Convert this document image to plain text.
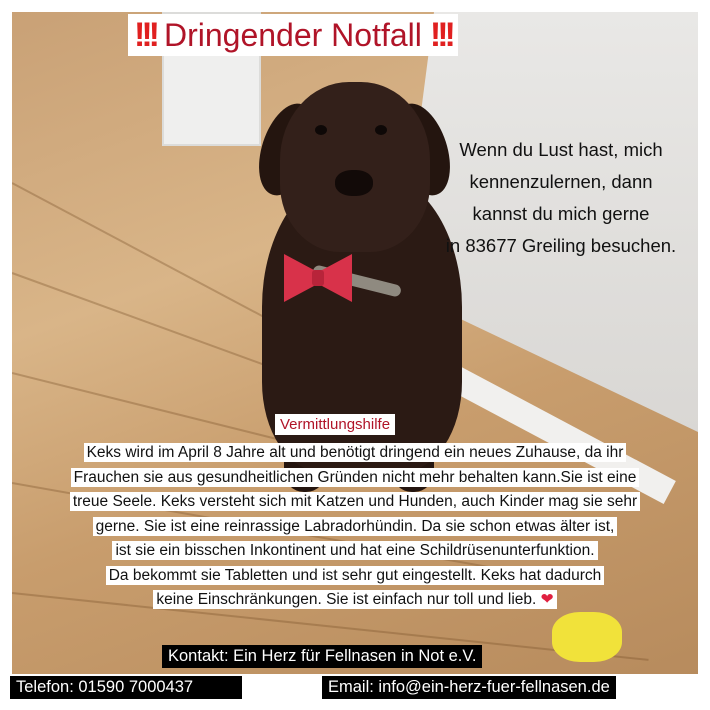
!!! Dringender Notfall !!!
Wenn du Lust hast, mich
kennenzulernen, dann
kannst du mich gerne
in 83677 Greiling besuchen.
Vermittlungshilfe
Keks wird im April 8 Jahre alt und benötigt dringend ein neues Zuhause, da ihr
Frauchen sie aus gesundheitlichen Gründen nicht mehr behalten kann.Sie ist eine
treue Seele. Keks versteht sich mit Katzen und Hunden, auch Kinder mag sie sehr
gerne. Sie ist eine reinrassige Labradorhündin. Da sie schon etwas älter ist,
ist sie ein bisschen Inkontinent und hat eine Schildrüsenunterfunktion.
Da bekommt sie Tabletten und ist sehr gut eingestellt. Keks hat dadurch
keine Einschränkungen. Sie ist einfach nur toll und lieb. ❤
Kontakt: Ein Herz für Fellnasen in Not e.V.
Telefon: 01590 7000437	Email: info@ein-herz-fuer-fellnasen.de
